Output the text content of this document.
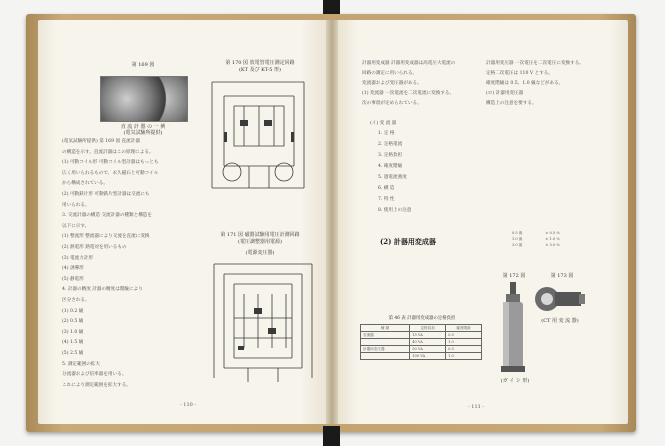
第 169 図
直 流 計 器 の 一 例
(電気試験所提供)
(電気試験所提供) 第 169 図 直流計器
の構造を示す。直流計器はこの原理による。
(1) 可動コイル形 可動コイル型計器はもっとも
広く用いられるもので、永久磁石と可動コイル
から構成されている。
(2) 可動鉄片形 可動鉄片型計器は交流にも
用いられる。
3. 交流計器の構造 交流計器の種類と構造を
以下に示す。
(1) 整流形 整流器により交流を直流に変換
(2) 熱電形 熱電対を用いるもの
(3) 電流力計形
(4) 誘導形
(5) 静電形
4. 計器の精度 計器の精度は階級により
区分される。
(1) 0.2 級
(2) 0.5 級
(3) 1.0 級
(4) 1.5 級
(5) 2.5 級
5. 測定範囲の拡大
分流器および倍率器を用いる。
これにより測定範囲を拡大する。
第 170 図 放電管電圧測定回路
(KT 及び KT-5 形)
第 171 図 磁器試験用電圧計測回路
(電圧調整器用電源)
(電源変圧器)
- 110 -
計器用変成器 計器用変成器は高電圧大電流の
回路の測定に用いられる。
変流器および変圧器がある。
(1) 変流器 一次電流を二次電流に変換する。
次の事項が定められている。
計器用変圧器 一次電圧を二次電圧に変換する。
定格二次電圧は 110 V とする。
確度階級は 0.5、1.0 級などがある。
(ロ) 計器用変圧器
構造上の注意を要する。
(イ) 変 流 器
1. 定 格
2. 定格電流
3. 定格負担
4. 確度階級
5. 過電流強度
6. 構 造
7. 特 性
8. 使用上の注意
(2) 計器用変成器
第 46 表 計器用変成器の定格負担
種 類	定格負担	確度階級
変流器	15 VA	0.5
	40 VA	1.0
計器用変圧器	50 VA	0.5
	100 VA	1.0
0.5 級	± 0.5 %
1.0 級	± 1.0 %
3.0 級	± 3.0 %
第 172 図	第 173 図
(CT 用 変 流 器)
(ガ イ シ 形)
- 111 -
